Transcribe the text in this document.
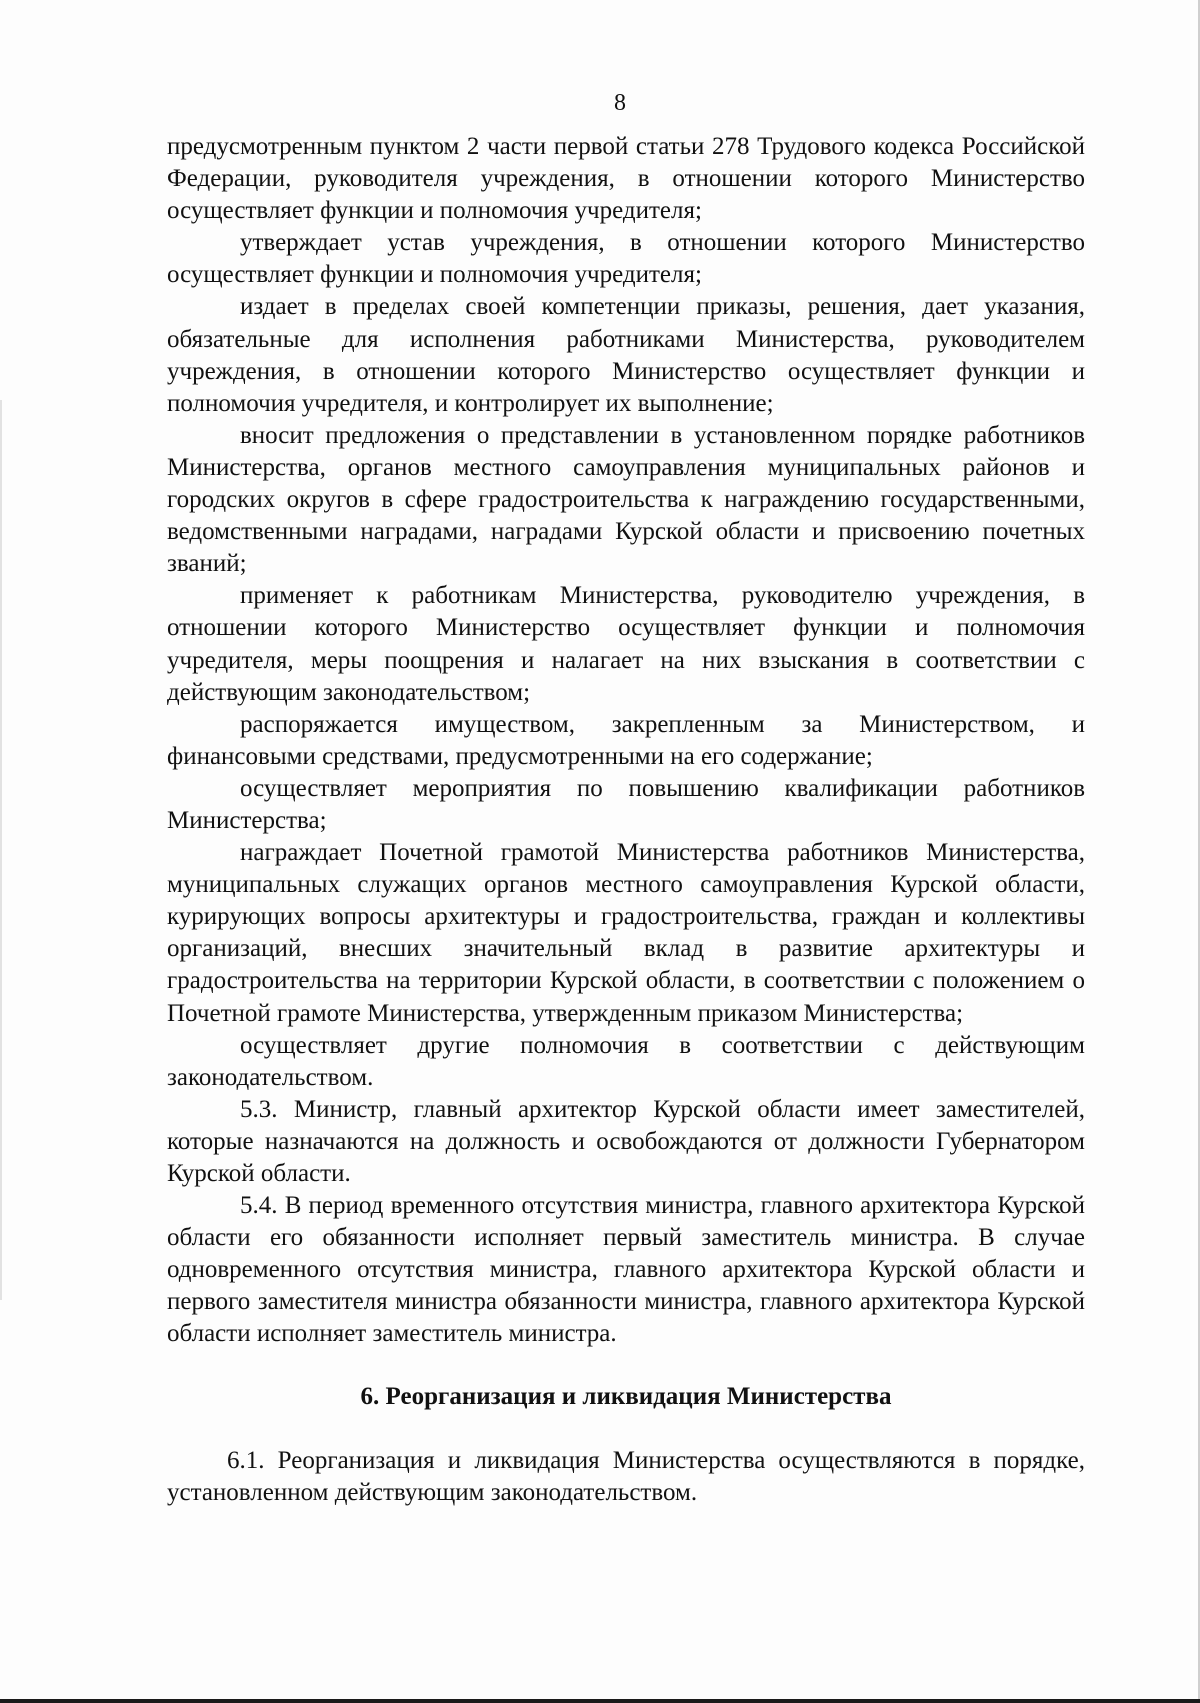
8

предусмотренным пунктом 2 части первой статьи 278 Трудового кодекса Российской Федерации, руководителя учреждения, в отношении которого Министерство осуществляет функции и полномочия учредителя;

утверждает устав учреждения, в отношении которого Министерство осуществляет функции и полномочия учредителя;

издает в пределах своей компетенции приказы, решения, дает указания, обязательные для исполнения работниками Министерства, руководителем учреждения, в отношении которого Министерство осуществляет функции и полномочия учредителя, и контролирует их выполнение;

вносит предложения о представлении в установленном порядке работников Министерства, органов местного самоуправления муниципальных районов и городских округов в сфере градостроительства к награждению государственными, ведомственными наградами, наградами Курской области и присвоению почетных званий;

применяет к работникам Министерства, руководителю учреждения, в отношении которого Министерство осуществляет функции и полномочия учредителя, меры поощрения и налагает на них взыскания в соответствии с действующим законодательством;

распоряжается имуществом, закрепленным за Министерством, и финансовыми средствами, предусмотренными на его содержание;

осуществляет мероприятия по повышению квалификации работников Министерства;

награждает Почетной грамотой Министерства работников Министерства, муниципальных служащих органов местного самоуправления Курской области, курирующих вопросы архитектуры и градостроительства, граждан и коллективы организаций, внесших значительный вклад в развитие архитектуры и градостроительства на территории Курской области, в соответствии с положением о Почетной грамоте Министерства, утвержденным приказом Министерства;

осуществляет другие полномочия в соответствии с действующим законодательством.

5.3. Министр, главный архитектор Курской области имеет заместителей, которые назначаются на должность и освобождаются от должности Губернатором Курской области.

5.4. В период временного отсутствия министра, главного архитектора Курской области его обязанности исполняет первый заместитель министра. В случае одновременного отсутствия министра, главного архитектора Курской области и первого заместителя министра обязанности министра, главного архитектора Курской области исполняет заместитель министра.

6. Реорганизация и ликвидация Министерства

6.1. Реорганизация и ликвидация Министерства осуществляются в порядке, установленном действующим законодательством.
